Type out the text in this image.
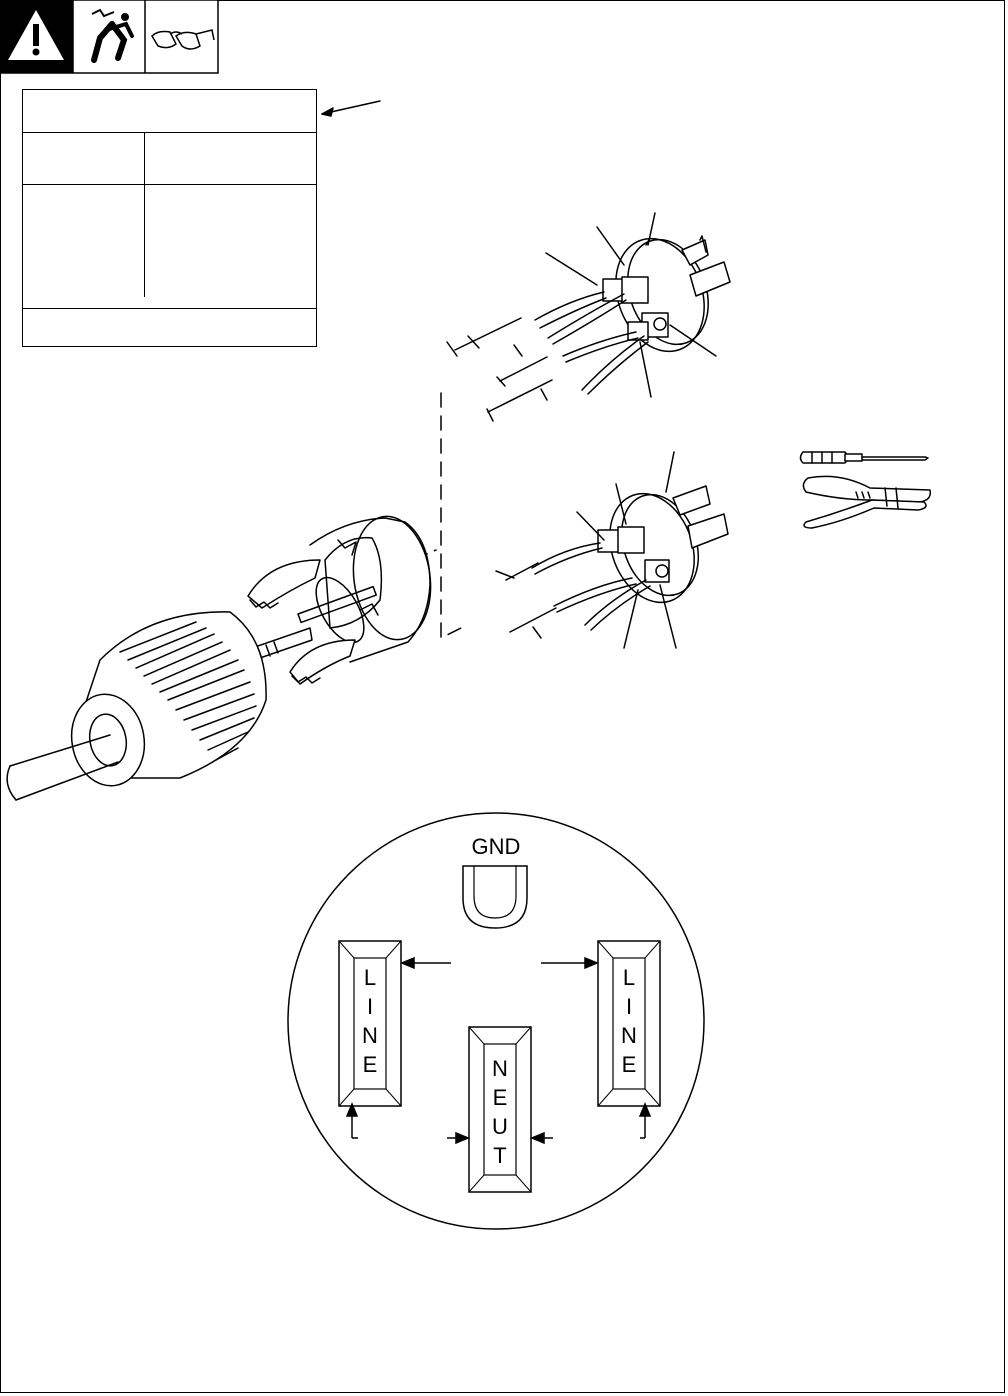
GND
L
I
N
E
L
I
N
E
N
E
U
T
